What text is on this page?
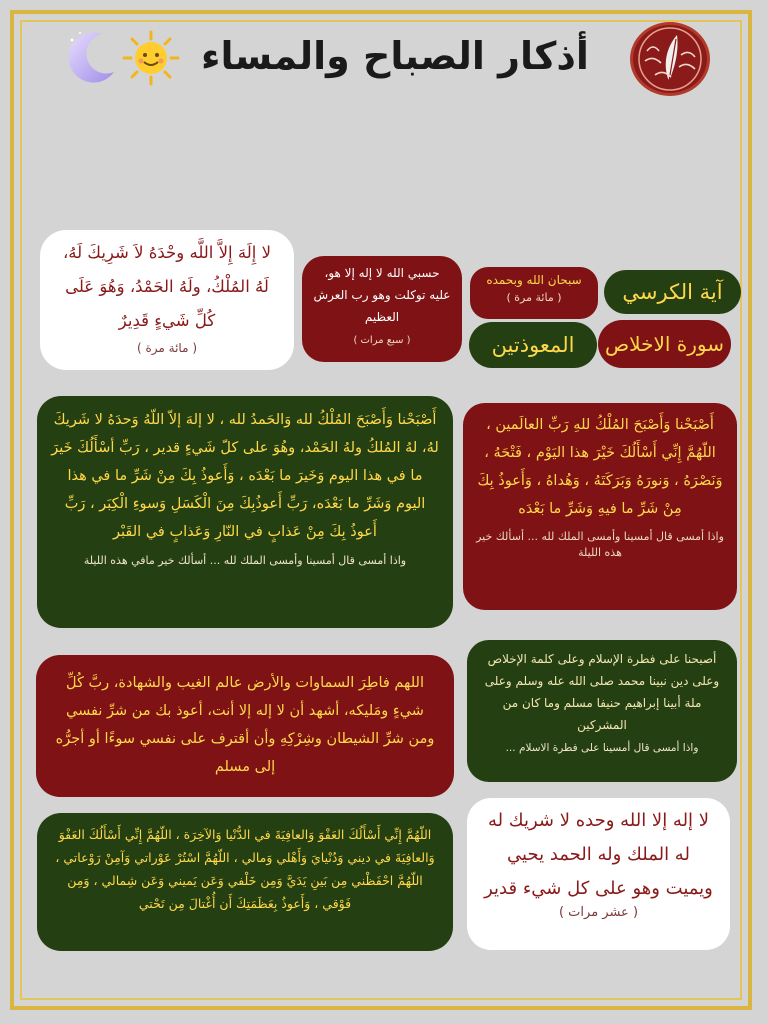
أذكار الصباح والمساء
آية الكرسي
سورة الاخلاص
المعوذتين
سبحان الله وبحمده
( مائة مرة )
حسبي الله لا إله إلا هو، عليه توكلت وهو رب العرش العظيم
( سبع مرات )
لا إِلَهَ إِلاَّ اللَّه وحْدَهُ لاَ شَرِيكَ لَهُ، لَهُ المُلْكُ، ولَهُ الحَمْدُ، وَهُوَ عَلَى كُلِّ شَيءٍ قَدِيرٌ
( مائة مرة )
أَصْبَحْنا وَأَصْبَحَ المُلْكُ للهِ رَبِّ العالَمين ، اللّهُمَّ إِنِّي أَسْأَلُكَ خَيْرَ هذا اليَوْم ، فَتْحَهُ ، وَنَصْرَهُ ، وَنورَهُ وَبَرَكَتَهُ ، وَهُداهُ ، وَأَعوذُ بِكَ مِنْ شَرِّ ما فيهِ وَشَرِّ ما بَعْدَه
واذا أمسى قال أمسينا وأمسى الملك لله ... أسألك خير هذه الليلة
أَصْبَحْنا وَأَصْبَحَ المُلْكُ لله وَالحَمدُ لله ، لا إلهَ إلاّ اللّهُ وَحدَهُ لا شَريكَ لهُ، لهُ المُلكُ ولهُ الحَمْد، وهُوَ على كلّ شَيءٍ قدير ، رَبِّ أسْأَلُكَ خَيرَ ما في هذا اليوم وَخَيرَ ما بَعْدَه ، وَأَعوذُ بِكَ مِنْ شَرِّ ما في هذا اليوم وَشَرِّ ما بَعْدَه، رَبِّ أَعوذُبِكَ مِنَ الْكَسَلِ وَسوءِ الْكِبَر ، رَبِّ أَعوذُ بِكَ مِنْ عَذابٍ في النّارِ وَعَذابٍ في القَبْر
واذا أمسى قال أمسينا وأمسى الملك لله ... أسألك خير مافي هذه الليلة
أصبحنا على فطرة الإسلام وعلى كلمة الإخلاص وعلى دين نبينا محمد صلى الله عله وسلم وعلى ملة أبينا إبراهيم حنيفا مسلم وما كان من المشركين
واذا أمسى قال أمسينا على فطرة الاسلام ...
اللهم فاطِرَ السماوات والأرض عالم الغيب والشهادة، ربَّ كُلِّ شيءٍ ومَليكه، أشهد أن لا إله إلا أنت، أعوذ بك من شرِّ نفسي ومن شرِّ الشيطان وشِرْكِهِ وأن أقترف على نفسي سوءًا أو أجرُّه إلى مسلم
اللّهُمَّ إِنِّي أَسْأَلُكَ العَفْوَ وَالعافِيَةَ في الدُّنْيا وَالآخِرَة ، اللّهُمَّ إِنِّي أَسْأَلُكَ العَفْوَ وَالعافِيَةَ في ديني وَدُنْيايَ وَأَهْلي وَمالي ، اللّهُمَّ اسْتُرْ عَوْراتي وَآمِنْ رَوْعاتي ، اللّهُمَّ احْفَظْني مِن بَينِ يَدَيَّ وَمِن خَلْفي وَعَن يَميني وَعَن شِمالي ، وَمِن فَوْقي ، وَأَعوذُ بِعَظَمَتِكَ أَن أُغْتالَ مِن تَحْتي
لا إله إلا الله وحده لا شريك له له الملك وله الحمد يحيي ويميت وهو على كل شيء قدير
( عشر مرات )
